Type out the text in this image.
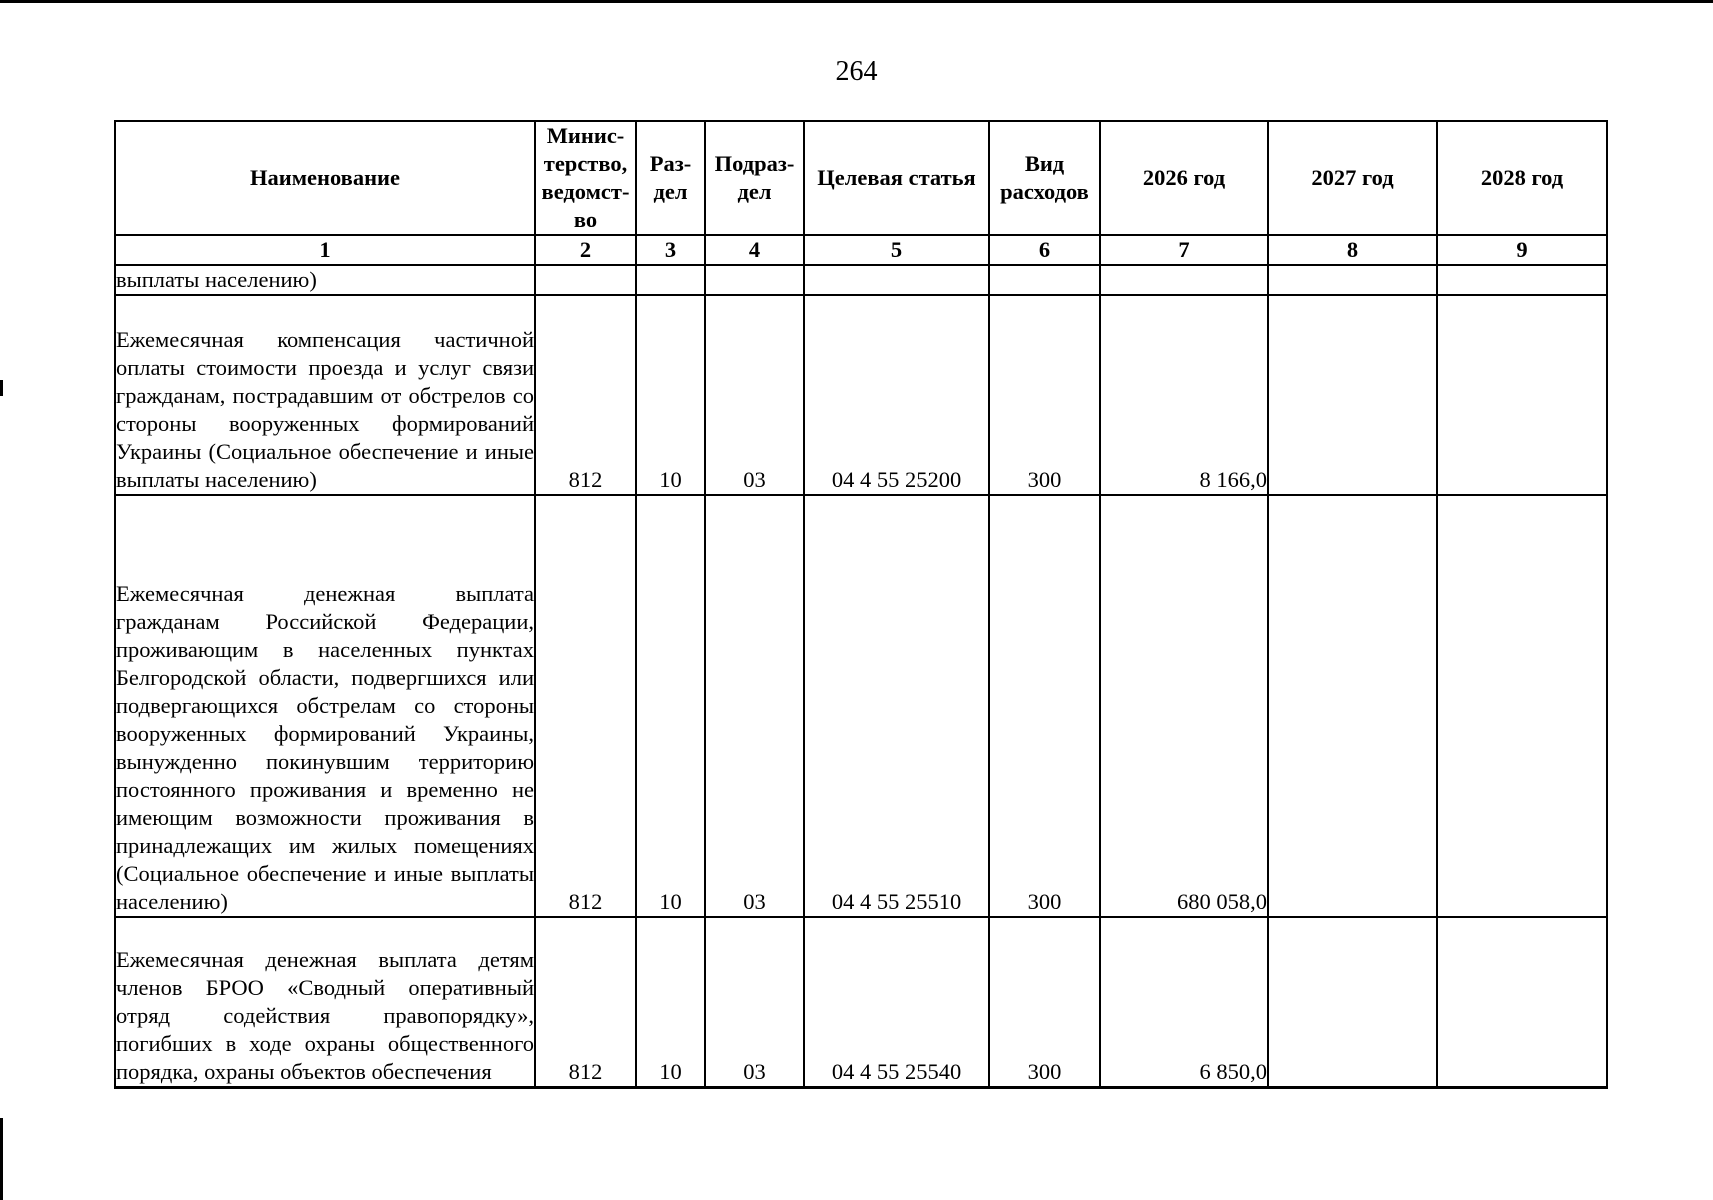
264
Наименование	Минис-терство, ведомст-во	Раз-дел	Подраз-дел	Целевая статья	Вид расходов	2026 год	2027 год	2028 год
1	2	3	4	5	6	7	8	9
выплаты населению)								
Ежемесячная компенсация частичной оплаты стоимости проезда и услуг связи гражданам, пострадавшим от обстрелов со стороны вооруженных формирований Украины (Социальное обеспечение и иные выплаты населению)	812	10	03	04 4 55 25200	300	8 166,0		
Ежемесячная денежная выплата гражданам Российской Федерации, проживающим в населенных пунктах Белгородской области, подвергшихся или подвергающихся обстрелам со стороны вооруженных формирований Украины, вынужденно покинувшим территорию постоянного проживания и временно не имеющим возможности проживания в принадлежащих им жилых помещениях (Социальное обеспечение и иные выплаты населению)	812	10	03	04 4 55 25510	300	680 058,0		
Ежемесячная денежная выплата детям членов БРОО «Сводный оперативный отряд содействия правопорядку», погибших в ходе охраны общественного порядка, охраны объектов обеспечения	812	10	03	04 4 55 25540	300	6 850,0		
